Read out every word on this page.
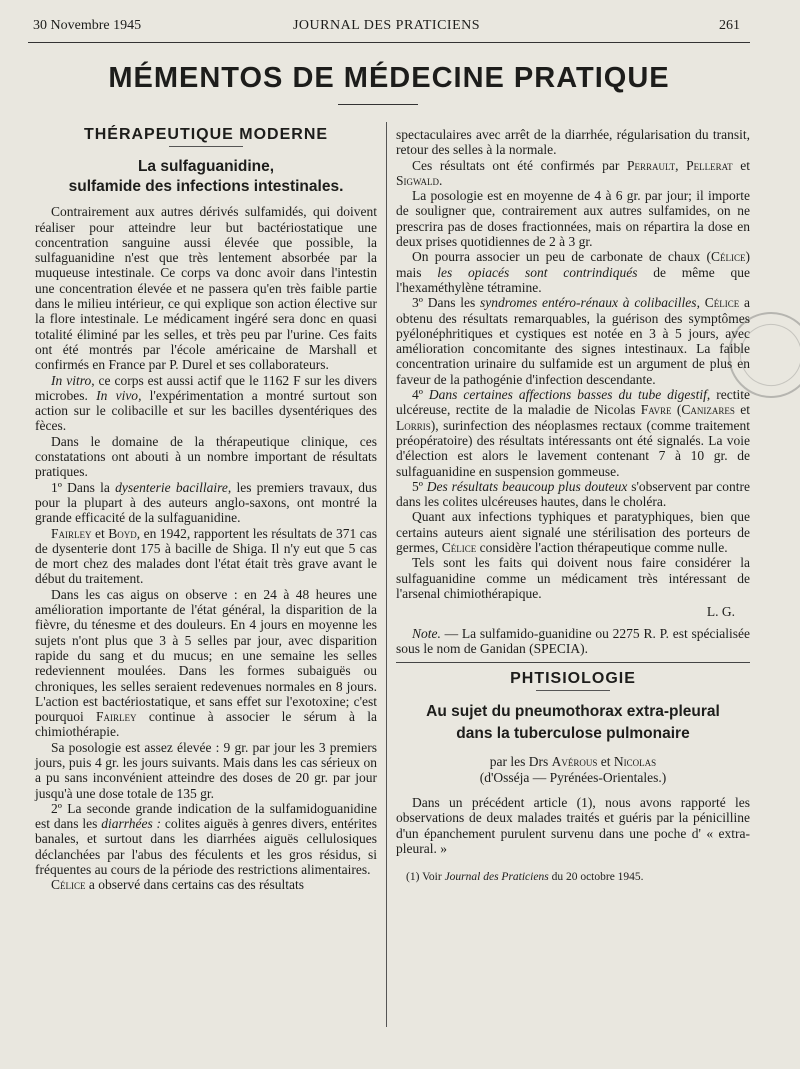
30 Novembre 1945	JOURNAL DES PRATICIENS	261
MÉMENTOS DE MÉDECINE PRATIQUE

THÉRAPEUTIQUE MODERNE

La sulfaguanidine,
sulfamide des infections intestinales.

Contrairement aux autres dérivés sulfamidés, qui doivent réaliser pour atteindre leur but bactériostatique une concentration sanguine aussi élevée que possible, la sulfaguanidine n'est que très lentement absorbée par la muqueuse intestinale. Ce corps va donc avoir dans l'intestin une concentration élevée et ne passera qu'en très faible partie dans le milieu intérieur, ce qui explique son action élective sur la flore intestinale. Le médicament ingéré sera donc en quasi totalité éliminé par les selles, et très peu par l'urine. Ces faits ont été montrés par l'école américaine de Marshall et confirmés en France par P. Durel et ses collaborateurs.

In vitro, ce corps est aussi actif que le 1162 F sur les divers microbes. In vivo, l'expérimentation a montré surtout son action sur le colibacille et sur les bacilles dysentériques des fèces.

Dans le domaine de la thérapeutique clinique, ces constatations ont abouti à un nombre important de résultats pratiques.

1º Dans la dysenterie bacillaire, les premiers travaux, dus pour la plupart à des auteurs anglo-saxons, ont montré la grande efficacité de la sulfaguanidine.

Fairley et Boyd, en 1942, rapportent les résultats de 371 cas de dysenterie dont 175 à bacille de Shiga. Il n'y eut que 5 cas de mort chez des malades dont l'état était très grave avant le début du traitement.

Dans les cas aigus on observe : en 24 à 48 heures une amélioration importante de l'état général, la disparition de la fièvre, du ténesme et des douleurs. En 4 jours en moyenne les sujets n'ont plus que 3 à 5 selles par jour, avec disparition rapide du sang et du mucus; en une semaine les selles redeviennent moulées. Dans les formes subaiguës ou chroniques, les selles seraient redevenues normales en 8 jours. L'action est bactériostatique, et sans effet sur l'exotoxine; c'est pourquoi Fairley continue à associer le sérum à la chimiothérapie.

Sa posologie est assez élevée : 9 gr. par jour les 3 premiers jours, puis 4 gr. les jours suivants. Mais dans les cas sérieux on a pu sans inconvénient atteindre des doses de 20 gr. par jour jusqu'à une dose totale de 135 gr.

2º La seconde grande indication de la sulfamidoguanidine est dans les diarrhées : colites aiguës à genres divers, entérites banales, et surtout dans les diarrhées aiguës cellulosiques déclanchées par l'abus des féculents et les gros résidus, si fréquentes au cours de la période des restrictions alimentaires.

Célice a observé dans certains cas des résultats

spectaculaires avec arrêt de la diarrhée, régularisation du transit, retour des selles à la normale.

Ces résultats ont été confirmés par Perrault, Pellerat et Sigwald.

La posologie est en moyenne de 4 à 6 gr. par jour; il importe de souligner que, contrairement aux autres sulfamides, on ne prescrira pas de doses fractionnées, mais on répartira la dose en deux prises quotidiennes de 2 à 3 gr.

On pourra associer un peu de carbonate de chaux (Célice) mais les opiacés sont contrindiqués de même que l'hexaméthylène tétramine.

3º Dans les syndromes entéro-rénaux à colibacilles, Célice a obtenu des résultats remarquables, la guérison des symptômes pyélonéphritiques et cystiques est notée en 3 à 5 jours, avec amélioration concomitante des signes intestinaux. La faible concentration urinaire du sulfamide est un argument de plus en faveur de la pathogénie d'infection descendante.

4º Dans certaines affections basses du tube digestif, rectite ulcéreuse, rectite de la maladie de Nicolas Favre (Canizares et Lorris), surinfection des néoplasmes rectaux (comme traitement préopératoire) des résultats intéressants ont été signalés. La voie d'élection est alors le lavement contenant 7 à 10 gr. de sulfaguanidine en suspension gommeuse.

5º Des résultats beaucoup plus douteux s'observent par contre dans les colites ulcéreuses hautes, dans le choléra.

Quant aux infections typhiques et paratyphiques, bien que certains auteurs aient signalé une stérilisation des porteurs de germes, Célice considère l'action thérapeutique comme nulle.

Tels sont les faits qui doivent nous faire considérer la sulfaguanidine comme un médicament très intéressant de l'arsenal chimiothérapique.

L. G.

Note. — La sulfamido-guanidine ou 2275 R. P. est spécialisée sous le nom de Ganidan (SPECIA).

PHTISIOLOGIE

Au sujet du pneumothorax extra-pleural
dans la tuberculose pulmonaire

par les Drs Avérous et Nicolas

(d'Osséja — Pyrénées-Orientales.)

Dans un précédent article (1), nous avons rapporté les observations de deux malades traités et guéris par la pénicilline d'un épanchement purulent survenu dans une poche d' « extra-pleural. »

(1) Voir Journal des Praticiens du 20 octobre 1945.
